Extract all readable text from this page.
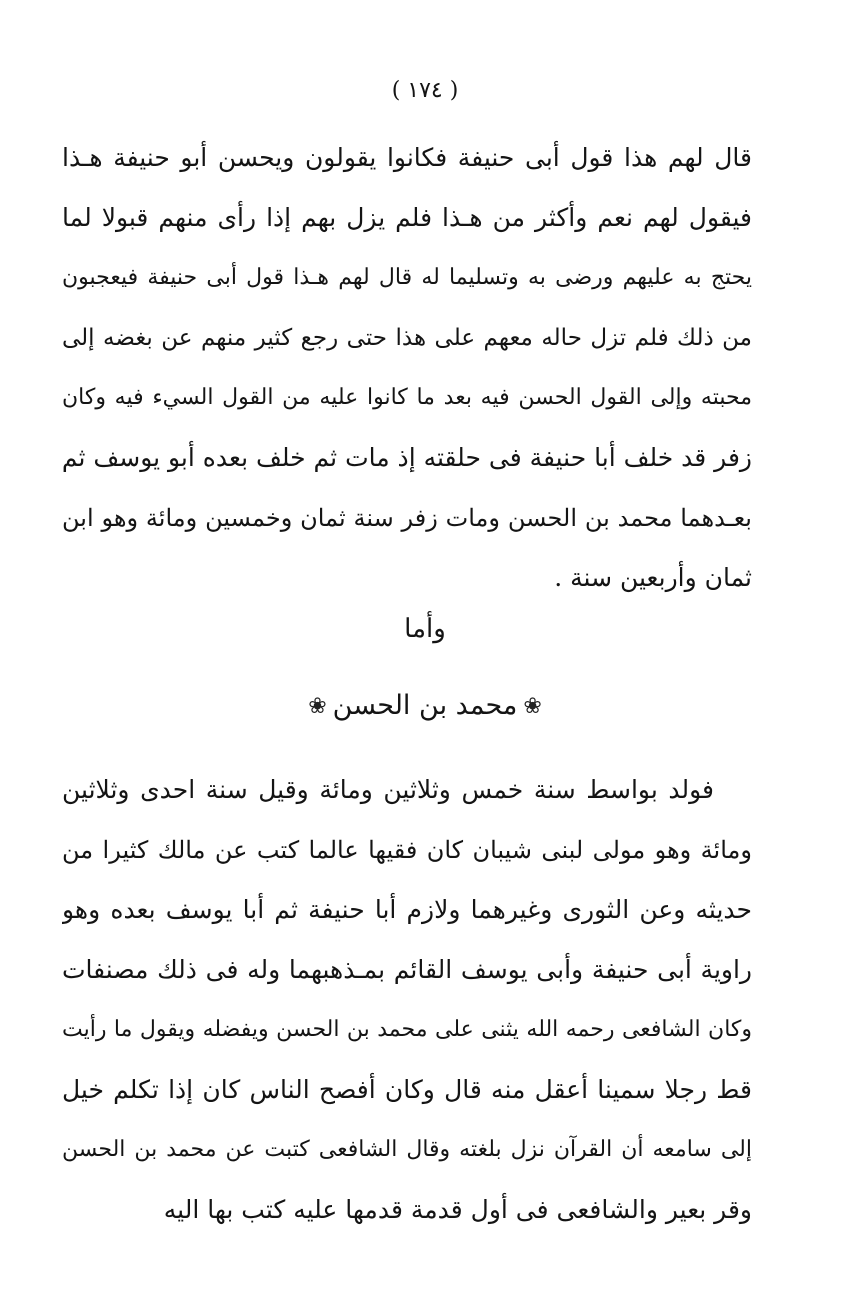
( ١٧٤ )
قال لهم هذا قول أبى حنيفة فكانوا يقولون ويحسن أبو حنيفة هـذا
فيقول لهم نعم وأكثر من هـذا فلم يزل بهم إذا رأى منهم قبولا لما
يحتج به عليهم ورضى به وتسليما له قال لهم هـذا قول أبى حنيفة فيعجبون
من ذلك فلم تزل حاله معهم على هذا حتى رجع كثير منهم عن بغضه إلى
محبته وإلى القول الحسن فيه بعد ما كانوا عليه من القول السيء فيه وكان
زفر قد خلف أبا حنيفة فى حلقته إذ مات ثم خلف بعده أبو يوسف ثم
بعـدهما محمد بن الحسن ومات زفر سنة ثمان وخمسين ومائة وهو ابن
ثمان وأربعين سنة .
وأما
❀محمد بن الحسن❀
فولد بواسط سنة خمس وثلاثين ومائة وقيل سنة احدى وثلاثين
ومائة وهو مولى لبنى شيبان كان فقيها عالما كتب عن مالك كثيرا من
حديثه وعن الثورى وغيرهما ولازم أبا حنيفة ثم أبا يوسف بعده وهو
راوية أبى حنيفة وأبى يوسف القائم بمـذهبهما وله فى ذلك مصنفات
وكان الشافعى رحمه الله يثنى على محمد بن الحسن ويفضله ويقول ما رأيت
قط رجلا سمينا أعقل منه قال وكان أفصح الناس كان إذا تكلم خيل
إلى سامعه أن القرآن نزل بلغته وقال الشافعى كتبت عن محمد بن الحسن
وقر بعير والشافعى فى أول قدمة قدمها عليه كتب بها اليه
